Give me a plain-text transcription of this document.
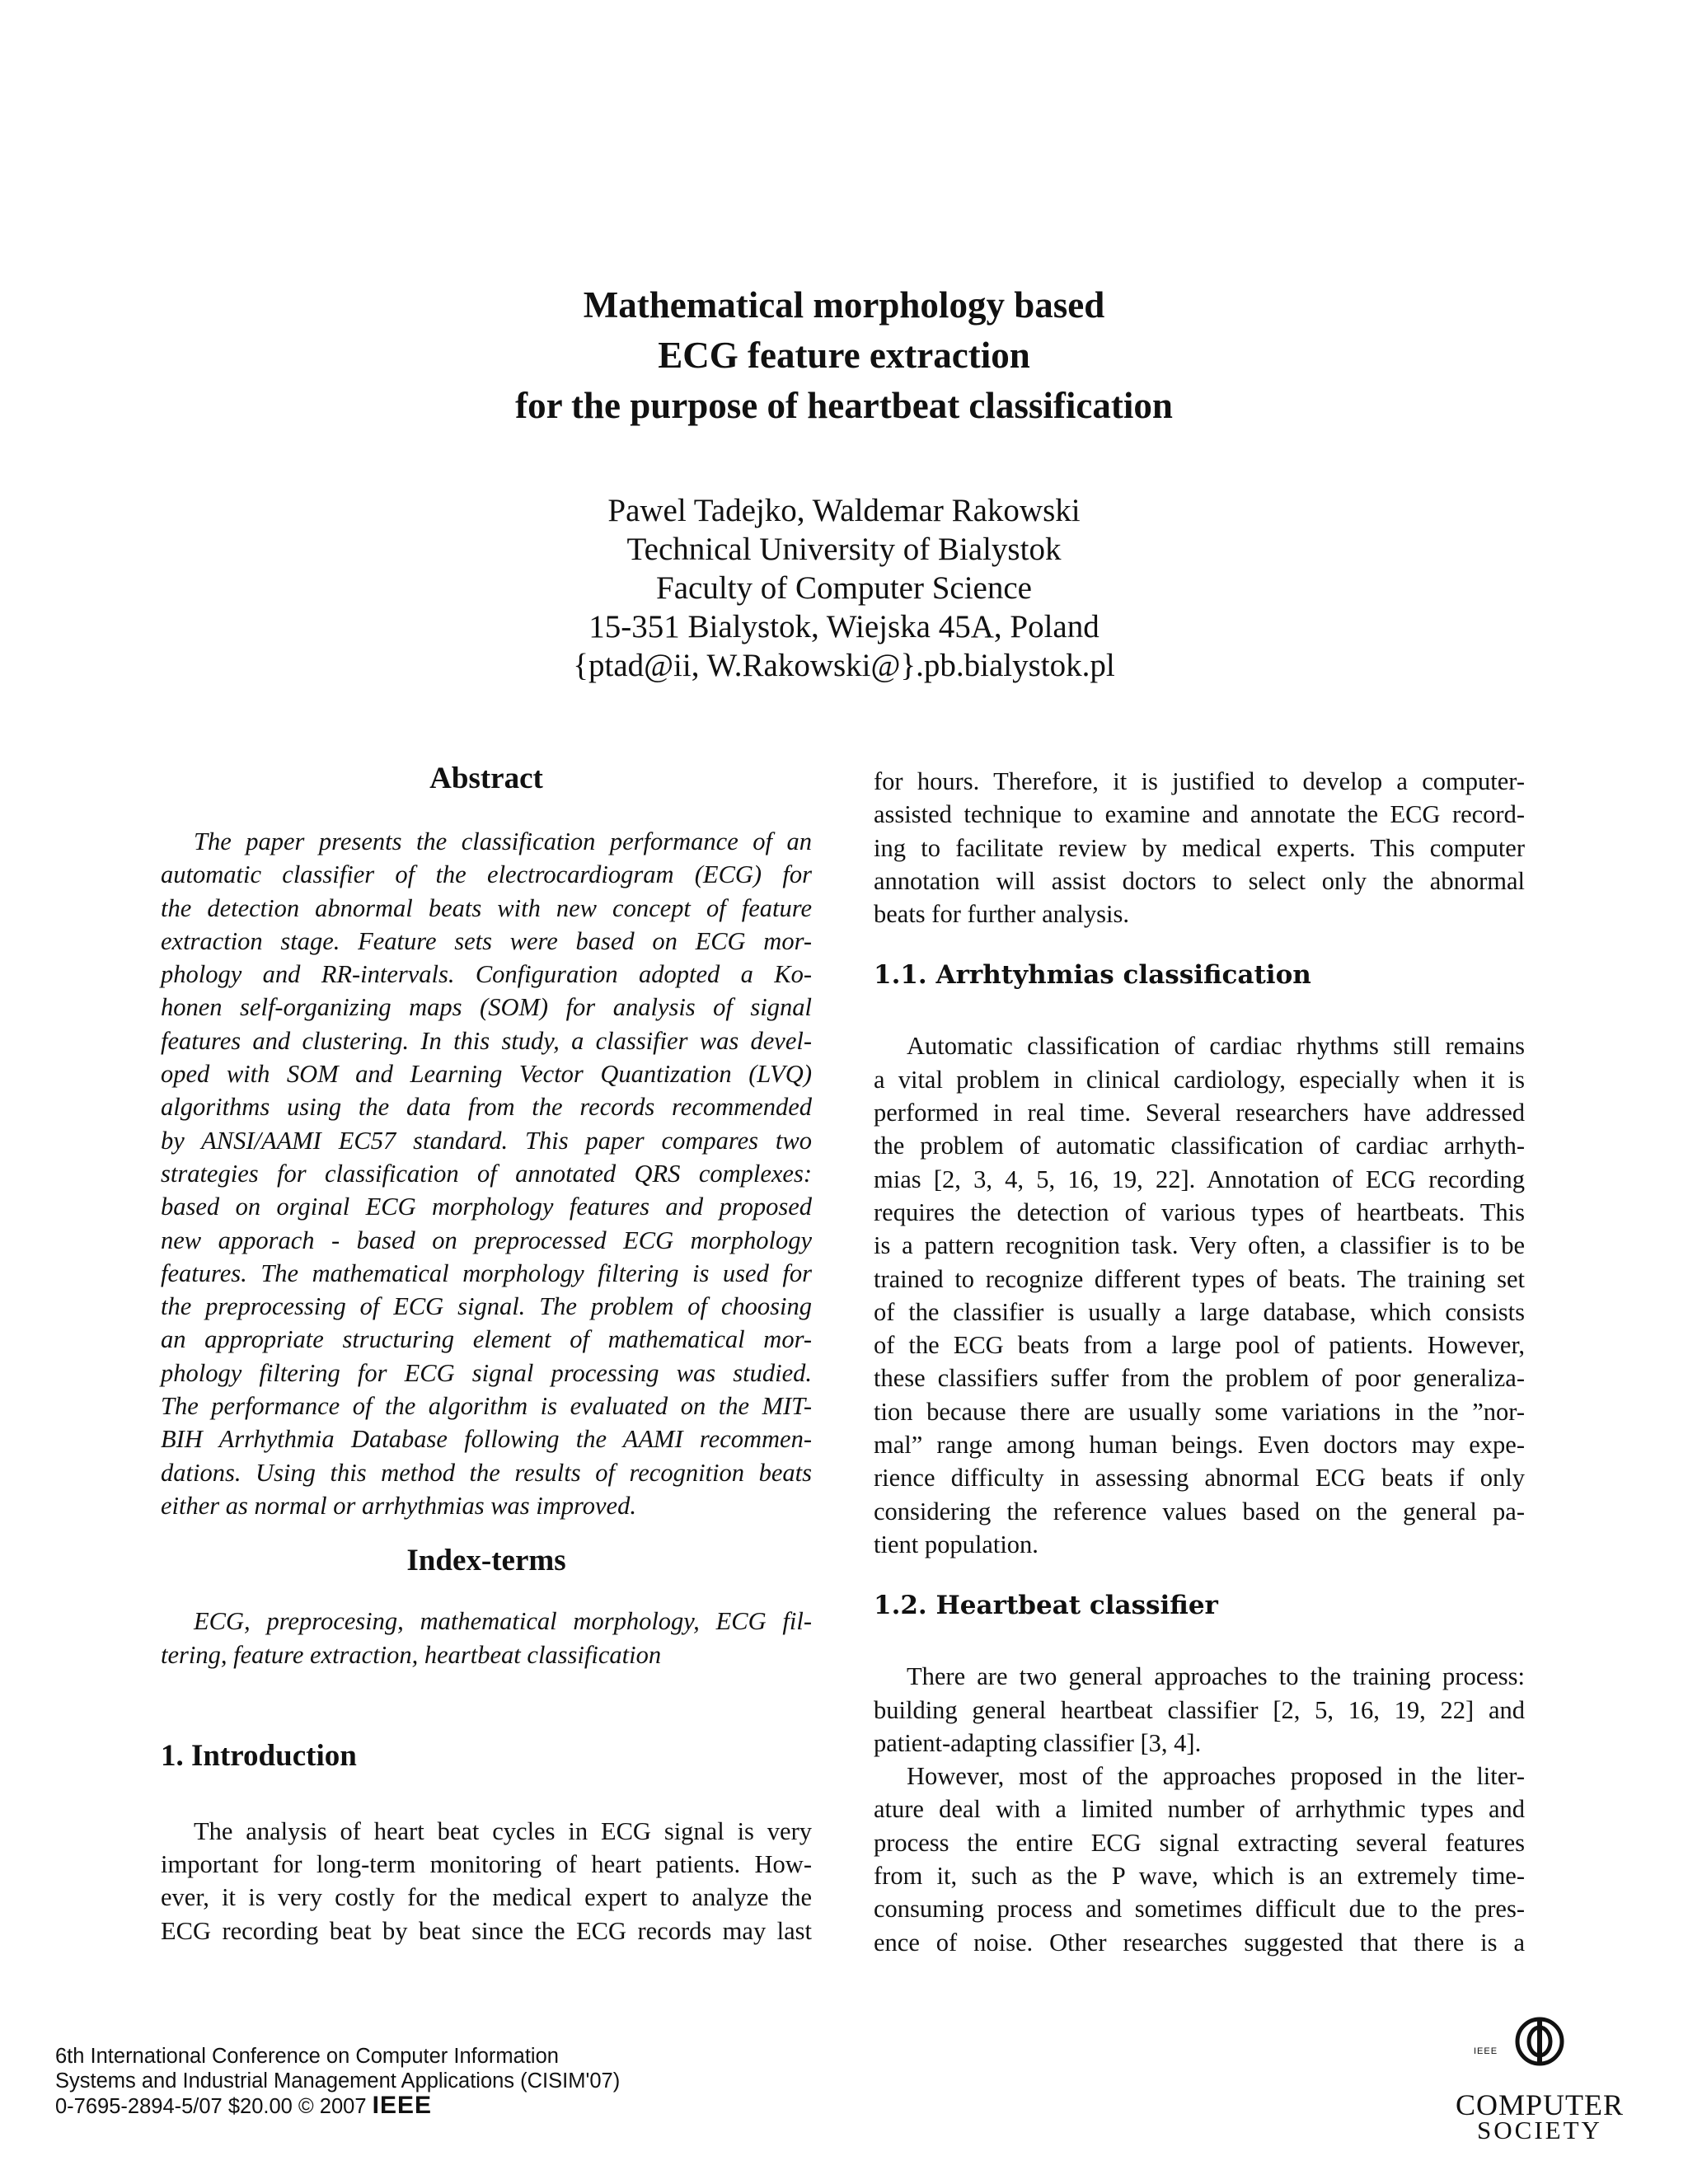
Mathematical morphology based
ECG feature extraction
for the purpose of heartbeat classification
Pawel Tadejko, Waldemar Rakowski
Technical University of Bialystok
Faculty of Computer Science
15-351 Bialystok, Wiejska 45A, Poland
{ptad@ii, W.Rakowski@}.pb.bialystok.pl
Abstract

The paper presents the classification performance of an

automatic classifier of the electrocardiogram (ECG) for

the detection abnormal beats with new concept of feature

extraction stage. Feature sets were based on ECG mor-

phology and RR-intervals. Configuration adopted a Ko-

honen self-organizing maps (SOM) for analysis of signal

features and clustering. In this study, a classifier was devel-

oped with SOM and Learning Vector Quantization (LVQ)

algorithms using the data from the records recommended

by ANSI/AAMI EC57 standard. This paper compares two

strategies for classification of annotated QRS complexes:

based on orginal ECG morphology features and proposed

new apporach - based on preprocessed ECG morphology

features. The mathematical morphology filtering is used for

the preprocessing of ECG signal. The problem of choosing

an appropriate structuring element of mathematical mor-

phology filtering for ECG signal processing was studied.

The performance of the algorithm is evaluated on the MIT-

BIH Arrhythmia Database following the AAMI recommen-

dations. Using this method the results of recognition beats

either as normal or arrhythmias was improved.

Index-terms

ECG, preprocesing, mathematical morphology, ECG fil-

tering, feature extraction, heartbeat classification

1. Introduction

The analysis of heart beat cycles in ECG signal is very

important for long-term monitoring of heart patients. How-

ever, it is very costly for the medical expert to analyze the

ECG recording beat by beat since the ECG records may last

for hours. Therefore, it is justified to develop a computer-

assisted technique to examine and annotate the ECG record-

ing to facilitate review by medical experts. This computer

annotation will assist doctors to select only the abnormal

beats for further analysis.

1.1. Arrhtyhmias classification

Automatic classification of cardiac rhythms still remains

a vital problem in clinical cardiology, especially when it is

performed in real time. Several researchers have addressed

the problem of automatic classification of cardiac arrhyth-

mias [2, 3, 4, 5, 16, 19, 22]. Annotation of ECG recording

requires the detection of various types of heartbeats. This

is a pattern recognition task. Very often, a classifier is to be

trained to recognize different types of beats. The training set

of the classifier is usually a large database, which consists

of the ECG beats from a large pool of patients. However,

these classifiers suffer from the problem of poor generaliza-

tion because there are usually some variations in the ”nor-

mal” range among human beings. Even doctors may expe-

rience difficulty in assessing abnormal ECG beats if only

considering the reference values based on the general pa-

tient population.

1.2. Heartbeat classifier

There are two general approaches to the training process:

building general heartbeat classifier [2, 5, 16, 19, 22] and

patient-adapting classifier [3, 4].

However, most of the approaches proposed in the liter-

ature deal with a limited number of arrhythmic types and

process the entire ECG signal extracting several features

from it, such as the P wave, which is an extremely time-

consuming process and sometimes difficult due to the pres-

ence of noise. Other researches suggested that there is a

6th International Conference on Computer Information
Systems and Industrial Management Applications (CISIM'07)
0-7695-2894-5/07 $20.00 © 2007 IEEE
IEEE
COMPUTER
SOCIETY
